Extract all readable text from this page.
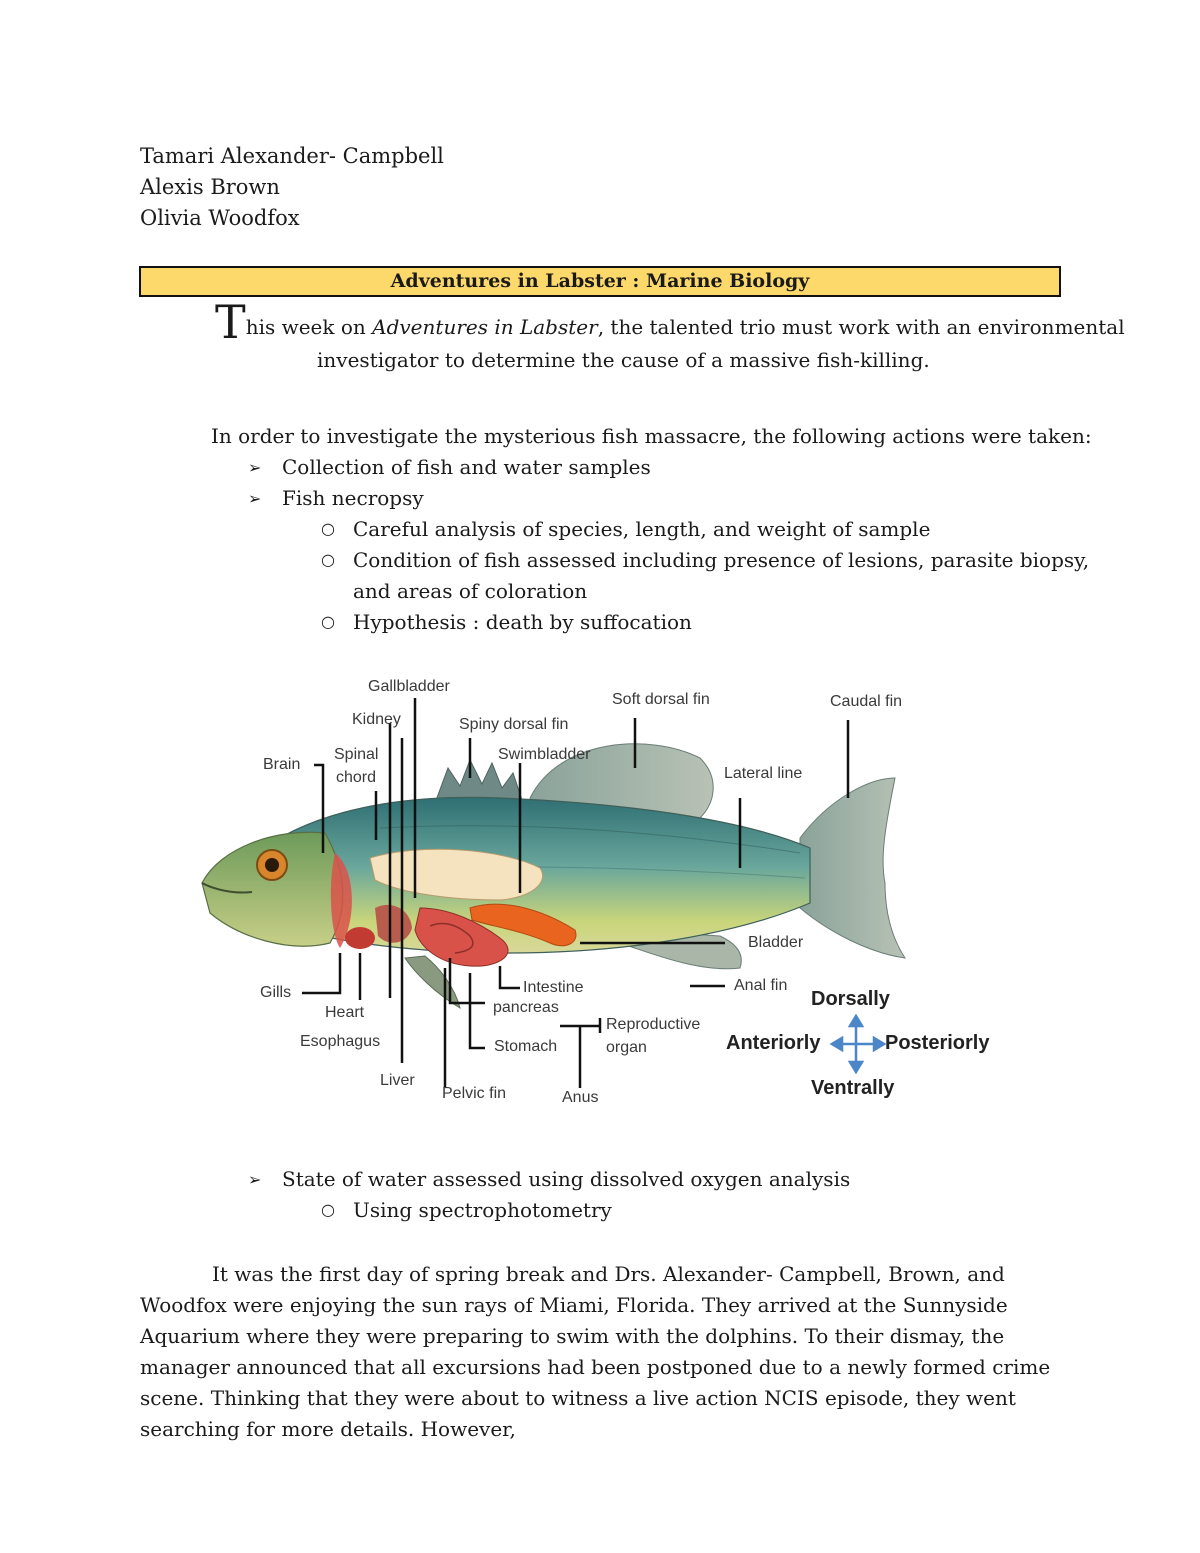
Tamari Alexander- Campbell
Alexis Brown
Olivia Woodfox
Adventures in Labster : Marine Biology
This week on Adventures in Labster, the talented trio must work with an environmental
investigator to determine the cause of a massive fish-killing.
In order to investigate the mysterious fish massacre, the following actions were taken:
➢ Collection of fish and water samples
➢ Fish necropsy
○ Careful analysis of species, length, and weight of sample
○ Condition of fish assessed including presence of lesions, parasite biopsy,
and areas of coloration
○ Hypothesis : death by suffocation
➢ State of water assessed using dissolved oxygen analysis
○ Using spectrophotometry
Gallbladder
Kidney	Spiny dorsal fin
Swimbladder
Soft dorsal fin	Caudal fin
Brain
Spinal
chord	Lateral line
Bladder
Anal fin
Gills
Heart
Intestine
pancreas
Reproductive
organ
Esophagus	Stomach
Liver
Pelvic fin	Anus
Dorsally
Anteriorly	Posteriorly
Ventrally

It was the first day of spring break and Drs. Alexander- Campbell, Brown, and Woodfox were enjoying the sun rays of Miami, Florida. They arrived at the Sunnyside Aquarium where they were preparing to swim with the dolphins. To their dismay, the manager announced that all excursions had been postponed due to a newly formed crime scene. Thinking that they were about to witness a live action NCIS episode, they went searching for more details. However,
